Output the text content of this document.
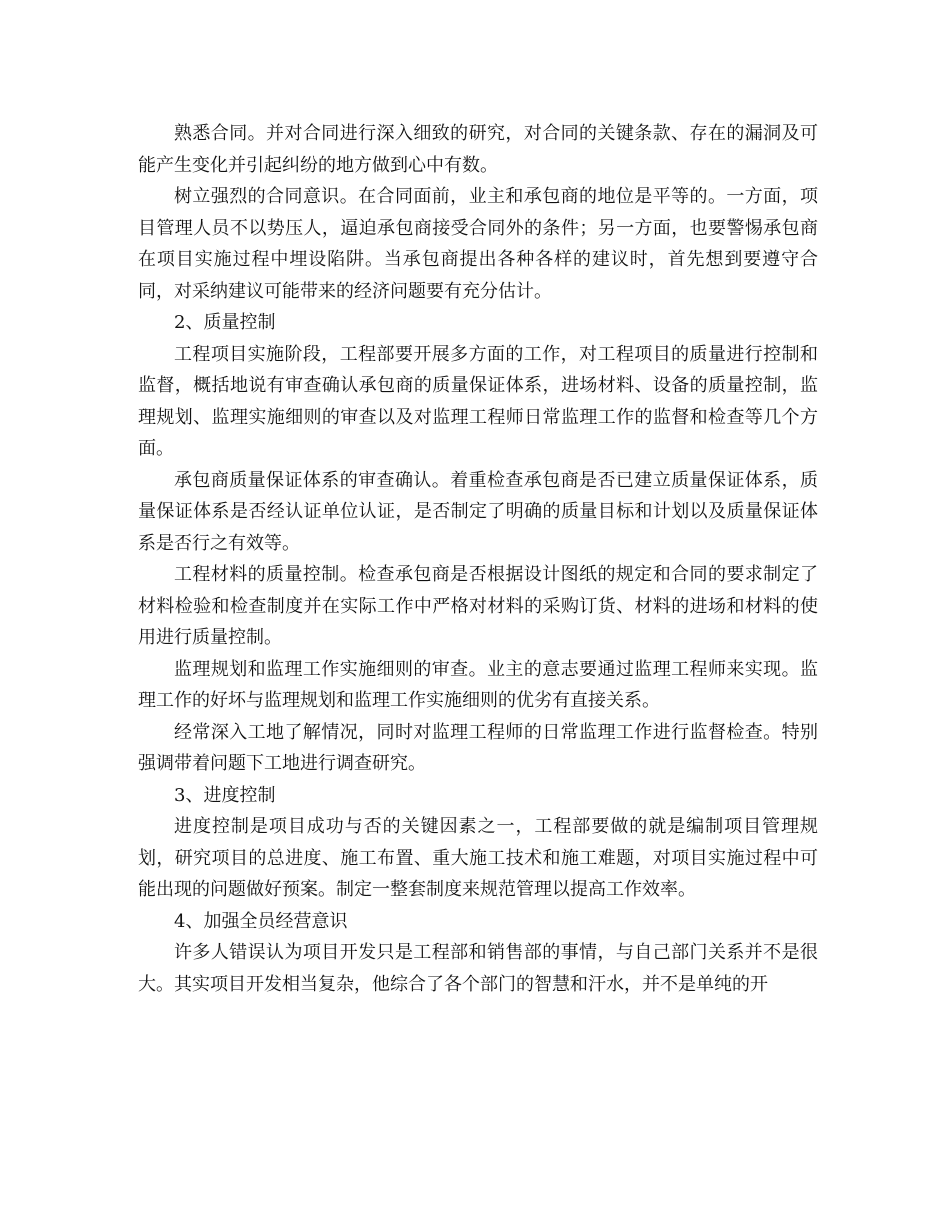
熟悉合同。并对合同进行深入细致的研究，对合同的关键条款、存在的漏洞及可能产生变化并引起纠纷的地方做到心中有数。

树立强烈的合同意识。在合同面前，业主和承包商的地位是平等的。一方面，项目管理人员不以势压人，逼迫承包商接受合同外的条件；另一方面，也要警惕承包商在项目实施过程中埋设陷阱。当承包商提出各种各样的建议时，首先想到要遵守合同，对采纳建议可能带来的经济问题要有充分估计。

2、质量控制

工程项目实施阶段，工程部要开展多方面的工作，对工程项目的质量进行控制和监督，概括地说有审查确认承包商的质量保证体系，进场材料、设备的质量控制，监理规划、监理实施细则的审查以及对监理工程师日常监理工作的监督和检查等几个方面。

承包商质量保证体系的审查确认。着重检查承包商是否已建立质量保证体系，质量保证体系是否经认证单位认证，是否制定了明确的质量目标和计划以及质量保证体系是否行之有效等。

工程材料的质量控制。检查承包商是否根据设计图纸的规定和合同的要求制定了材料检验和检查制度并在实际工作中严格对材料的采购订货、材料的进场和材料的使用进行质量控制。

监理规划和监理工作实施细则的审查。业主的意志要通过监理工程师来实现。监理工作的好坏与监理规划和监理工作实施细则的优劣有直接关系。

经常深入工地了解情况，同时对监理工程师的日常监理工作进行监督检查。特别强调带着问题下工地进行调查研究。

3、进度控制

进度控制是项目成功与否的关键因素之一，工程部要做的就是编制项目管理规划，研究项目的总进度、施工布置、重大施工技术和施工难题，对项目实施过程中可能出现的问题做好预案。制定一整套制度来规范管理以提高工作效率。

4、加强全员经营意识

许多人错误认为项目开发只是工程部和销售部的事情，与自己部门关系并不是很大。其实项目开发相当复杂，他综合了各个部门的智慧和汗水，并不是单纯的开
